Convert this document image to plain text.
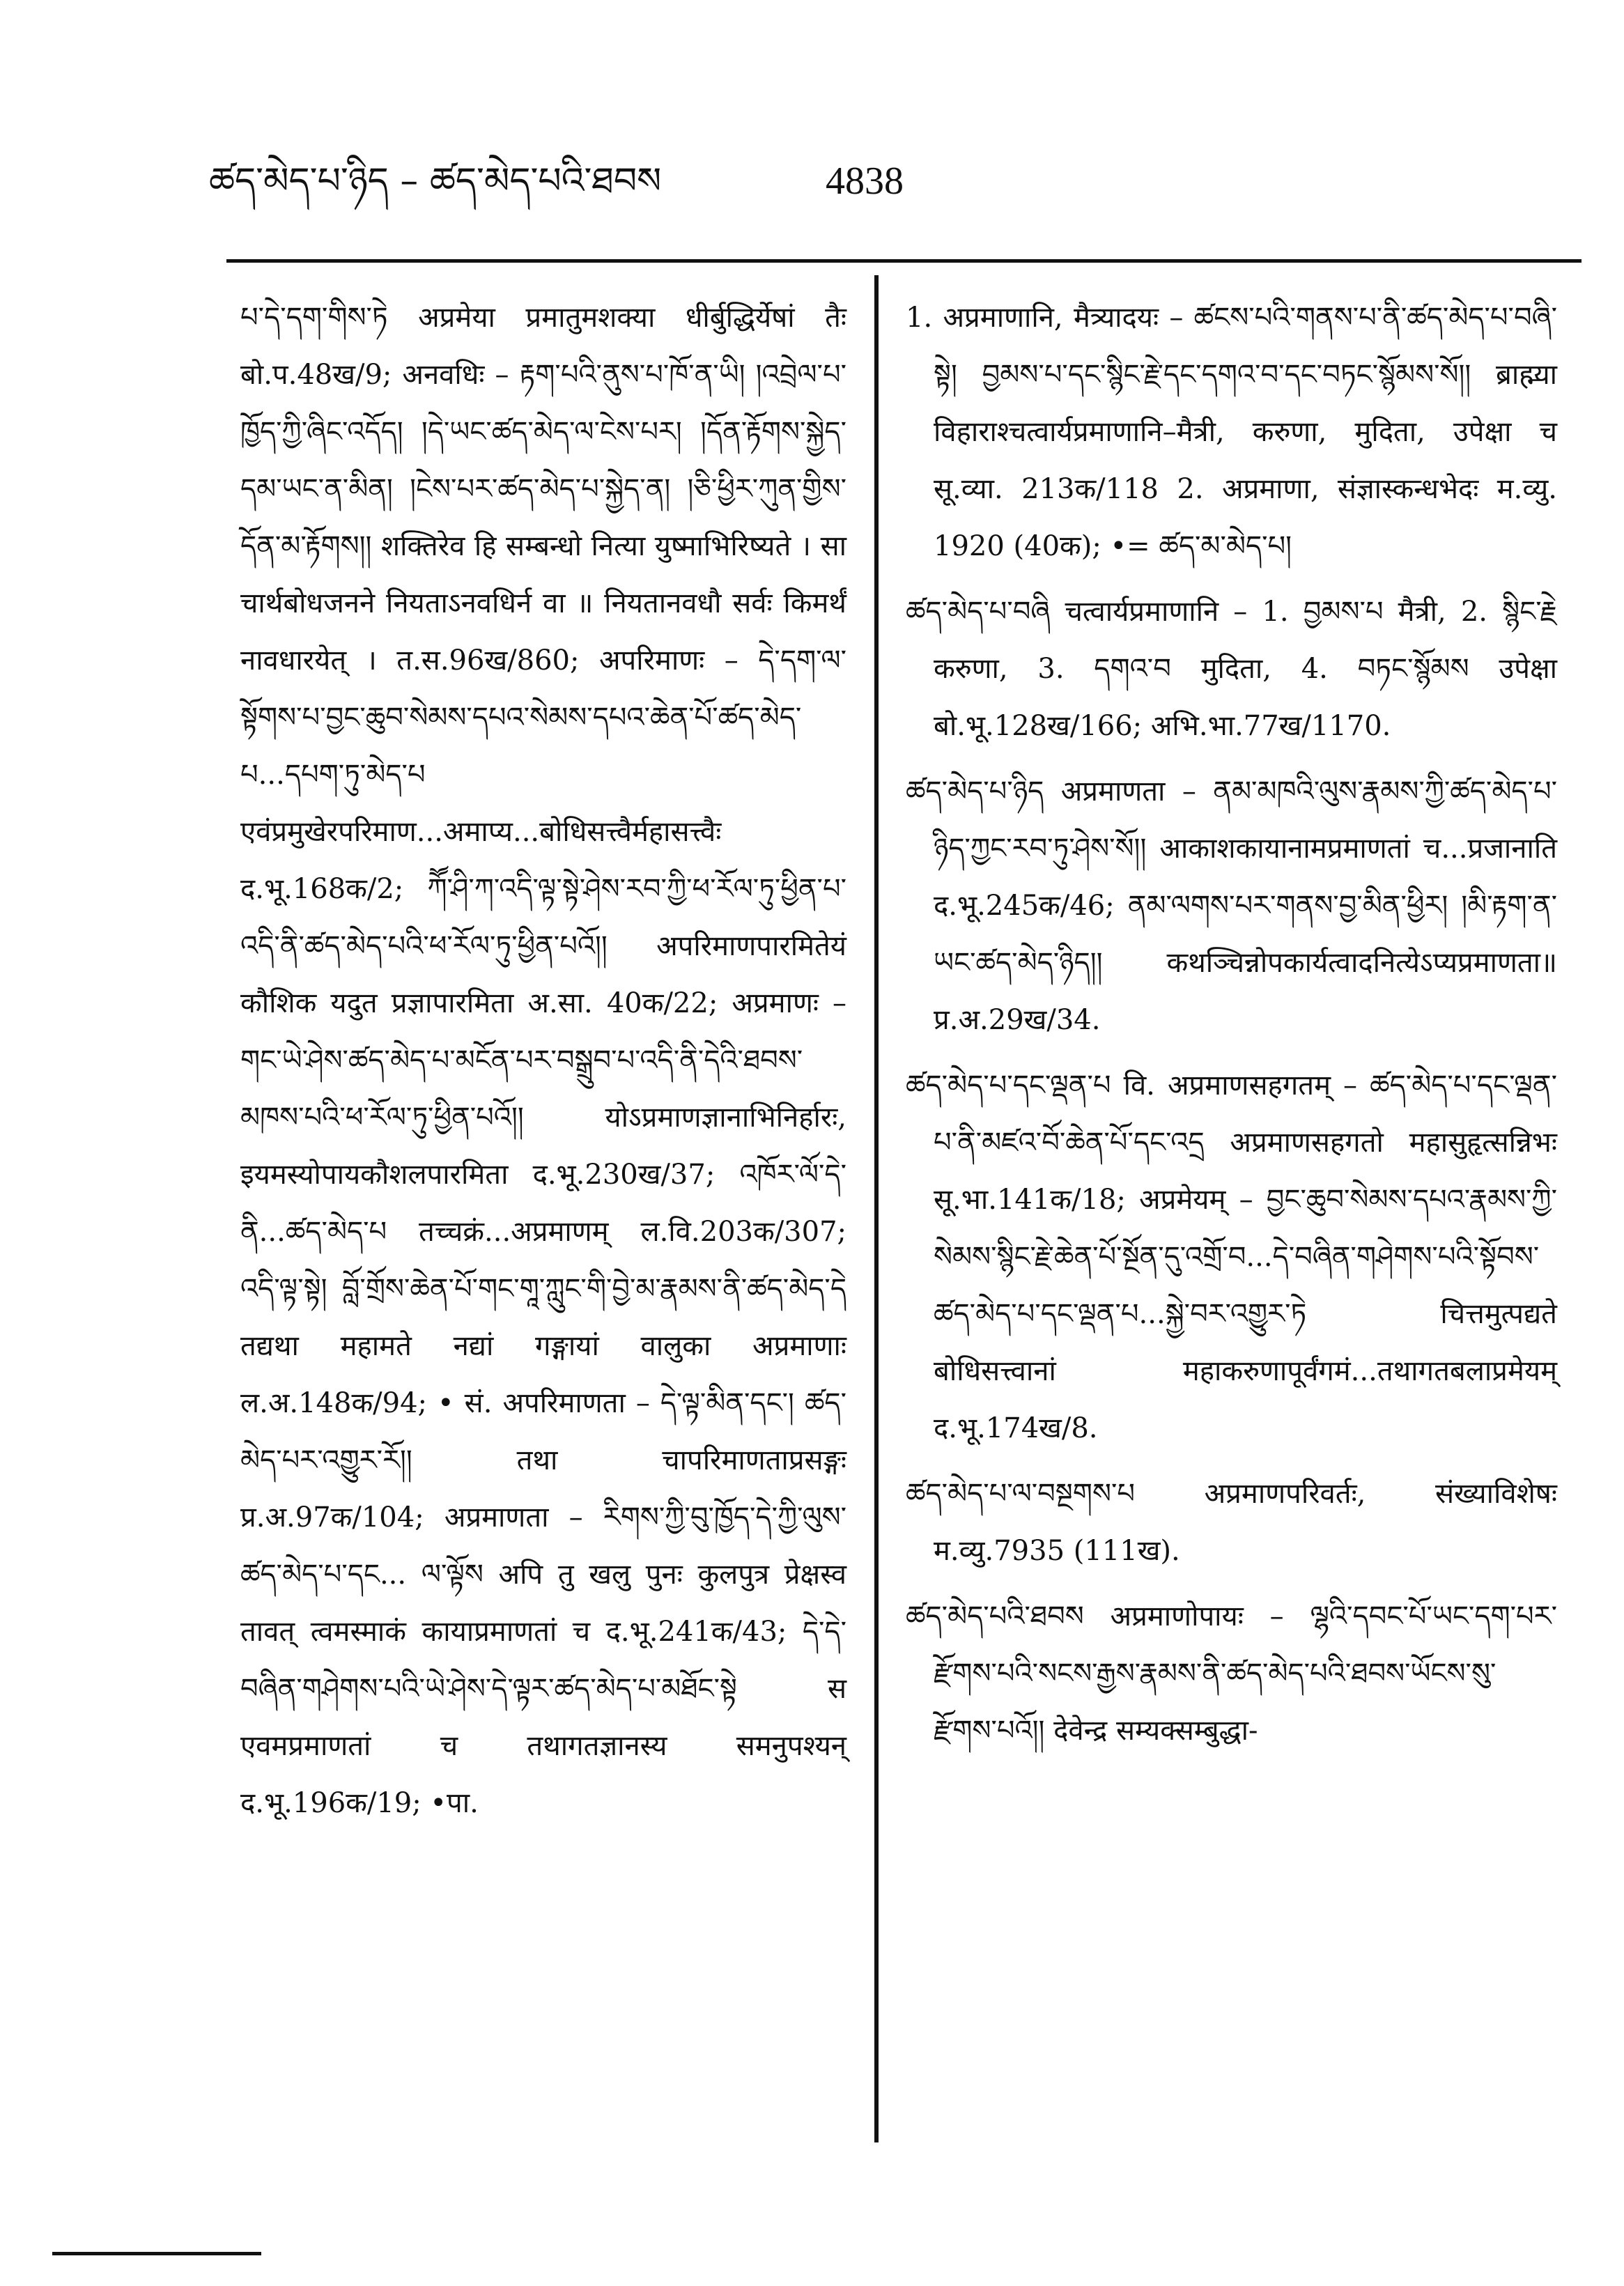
ཚད་མེད་པ་ཉིད – ཚད་མེད་པའི་ཐབས	4838

པ་དེ་དག་གིས་ཏེ अप्रमेया प्रमातुमशक्या धीर्बुद्धिर्येषां तैः बो.प.48ख/9; अनवधिः – རྟག་པའི་ནུས་པ་ཁོ་ན་ཡི། །འབྲེལ་པ་ཁྱོད་ཀྱི་ཞིང་འདོད། །དེ་ཡང་ཚད་མེད་ལ་ངེས་པར། །དོན་རྟོགས་སྐྱེད་དམ་ཡང་ན་མིན། །ངེས་པར་ཚད་མེད་པ་སྐྱེད་ན། །ཅི་ཕྱིར་ཀུན་གྱིས་དོན་མ་རྟོགས།། शक्तिरेव हि सम्बन्धो नित्या युष्माभिरिष्यते । सा चार्थबोधजनने नियताऽनवधिर्न वा ॥ नियतानवधौ सर्वः किमर्थं नावधारयेत् । त.स.96ख/860; अपरिमाणः – དེ་དག་ལ་སྟོགས་པ་བྱང་ཆུབ་སེམས་དཔའ་སེམས་དཔའ་ཆེན་པོ་ཚད་མེད་པ...དཔག་ཏུ་མེད་པ एवंप्रमुखेरपरिमाण...अमाप्य...बोधिसत्त्वैर्महासत्त्वैः द.भू.168क/2; ཀཽ་ཤི་ཀ་འདི་ལྟ་སྟེ་ཤེས་རབ་ཀྱི་ཕ་རོལ་ཏུ་ཕྱིན་པ་འདི་ནི་ཚད་མེད་པའི་ཕ་རོལ་ཏུ་ཕྱིན་པའོ།། अपरिमाणपारमितेयं कौशिक यदुत प्रज्ञापारमिता अ.सा. 40क/22; अप्रमाणः – གང་ཡེ་ཤེས་ཚད་མེད་པ་མངོན་པར་བསྒྲུབ་པ་འདི་ནི་དེའི་ཐབས་མཁས་པའི་ཕ་རོལ་ཏུ་ཕྱིན་པའོ།། योऽप्रमाणज्ञानाभिनिर्हारः, इयमस्योपायकौशलपारमिता द.भू.230ख/37; འཁོར་ལོ་དེ་ནི...ཚད་མེད་པ तच्चक्रं...अप्रमाणम् ल.वि.203क/307; འདི་ལྟ་སྟེ། བློ་གྲོས་ཆེན་པོ་གང་གཱ་ཀླུང་གི་བྱེ་མ་རྣམས་ནི་ཚད་མེད་དེ तद्यथा महामते नद्यां गङ्गायां वालुका अप्रमाणाः ल.अ.148क/94; • सं. अपरिमाणता – དེ་ལྟ་མིན་དང་། ཚད་མེད་པར་འགྱུར་རོ།། तथा चापरिमाणताप्रसङ्गः प्र.अ.97क/104; अप्रमाणता – རིགས་ཀྱི་བུ་ཁྱོད་དེ་ཀྱི་ལུས་ཚད་མེད་པ་དང... ལ་ལྟོས अपि तु खलु पुनः कुलपुत्र प्रेक्षस्व तावत् त्वमस्माकं कायाप्रमाणतां च द.भू.241क/43; དེ་དེ་བཞིན་གཤེགས་པའི་ཡེ་ཤེས་དེ་ལྟར་ཚད་མེད་པ་མཐོང་སྟེ स एवमप्रमाणतां च तथागतज्ञानस्य समनुपश्यन् द.भू.196क/19; •पा.

1. अप्रमाणानि, मैत्र्यादयः – ཚངས་པའི་གནས་པ་ནི་ཚད་མེད་པ་བཞི་སྟེ། བྱམས་པ་དང་སྙིང་རྗེ་དང་དགའ་བ་དང་བཏང་སྙོམས་སོ།། ब्राह्म्या विहाराश्चत्वार्यप्रमाणानि–मैत्री, करुणा, मुदिता, उपेक्षा च सू.व्या. 213क/118 2. अप्रमाणा, संज्ञास्कन्धभेदः म.व्यु. 1920 (40क); •= ཚད་མ་མེད་པ།

ཚད་མེད་པ་བཞི चत्वार्यप्रमाणानि – 1. བྱམས་པ मैत्री, 2. སྙིང་རྗེ करुणा, 3. དགའ་བ मुदिता, 4. བཏང་སྙོམས उपेक्षा बो.भू.128ख/166; अभि.भा.77ख/1170.

ཚད་མེད་པ་ཉིད अप्रमाणता – ནམ་མཁའི་ལུས་རྣམས་ཀྱི་ཚད་མེད་པ་ཉིད་ཀྱང་རབ་ཏུ་ཤེས་སོ།། आकाशकायानामप्रमाणतां च...प्रजानाति द.भू.245क/46; ནམ་ལགས་པར་གནས་བྱ་མིན་ཕྱིར། །མི་རྟག་ན་ཡང་ཚད་མེད་ཉིད།། कथञ्चिन्नोपकार्यत्वादनित्येऽप्यप्रमाणता॥ प्र.अ.29ख/34.

ཚད་མེད་པ་དང་ལྡན་པ वि. अप्रमाणसहगतम् – ཚད་མེད་པ་དང་ལྡན་པ་ནི་མཛའ་བོ་ཆེན་པོ་དང་འདྲ अप्रमाणसहगतो महासुहृत्सन्निभः सू.भा.141क/18; अप्रमेयम् – བྱང་ཆུབ་སེམས་དཔའ་རྣམས་ཀྱི་སེམས་སྙིང་རྗེ་ཆེན་པོ་སྔོན་དུ་འགྲོ་བ...དེ་བཞིན་གཤེགས་པའི་སྟོབས་ཚད་མེད་པ་དང་ལྡན་པ...སྐྱེ་བར་འགྱུར་ཏེ चित्तमुत्पद्यते बोधिसत्त्वानां महाकरुणापूर्वंगमं...तथागतबलाप्रमेयम् द.भू.174ख/8.

ཚད་མེད་པ་ལ་བསྔགས་པ अप्रमाणपरिवर्तः, संख्याविशेषः म.व्यु.7935 (111ख).

ཚད་མེད་པའི་ཐབས अप्रमाणोपायः – ལྷའི་དབང་པོ་ཡང་དག་པར་རྫོགས་པའི་སངས་རྒྱས་རྣམས་ནི་ཚད་མེད་པའི་ཐབས་ཡོངས་སུ་རྫོགས་པའོ།། देवेन्द्र सम्यक्सम्बुद्धा-
